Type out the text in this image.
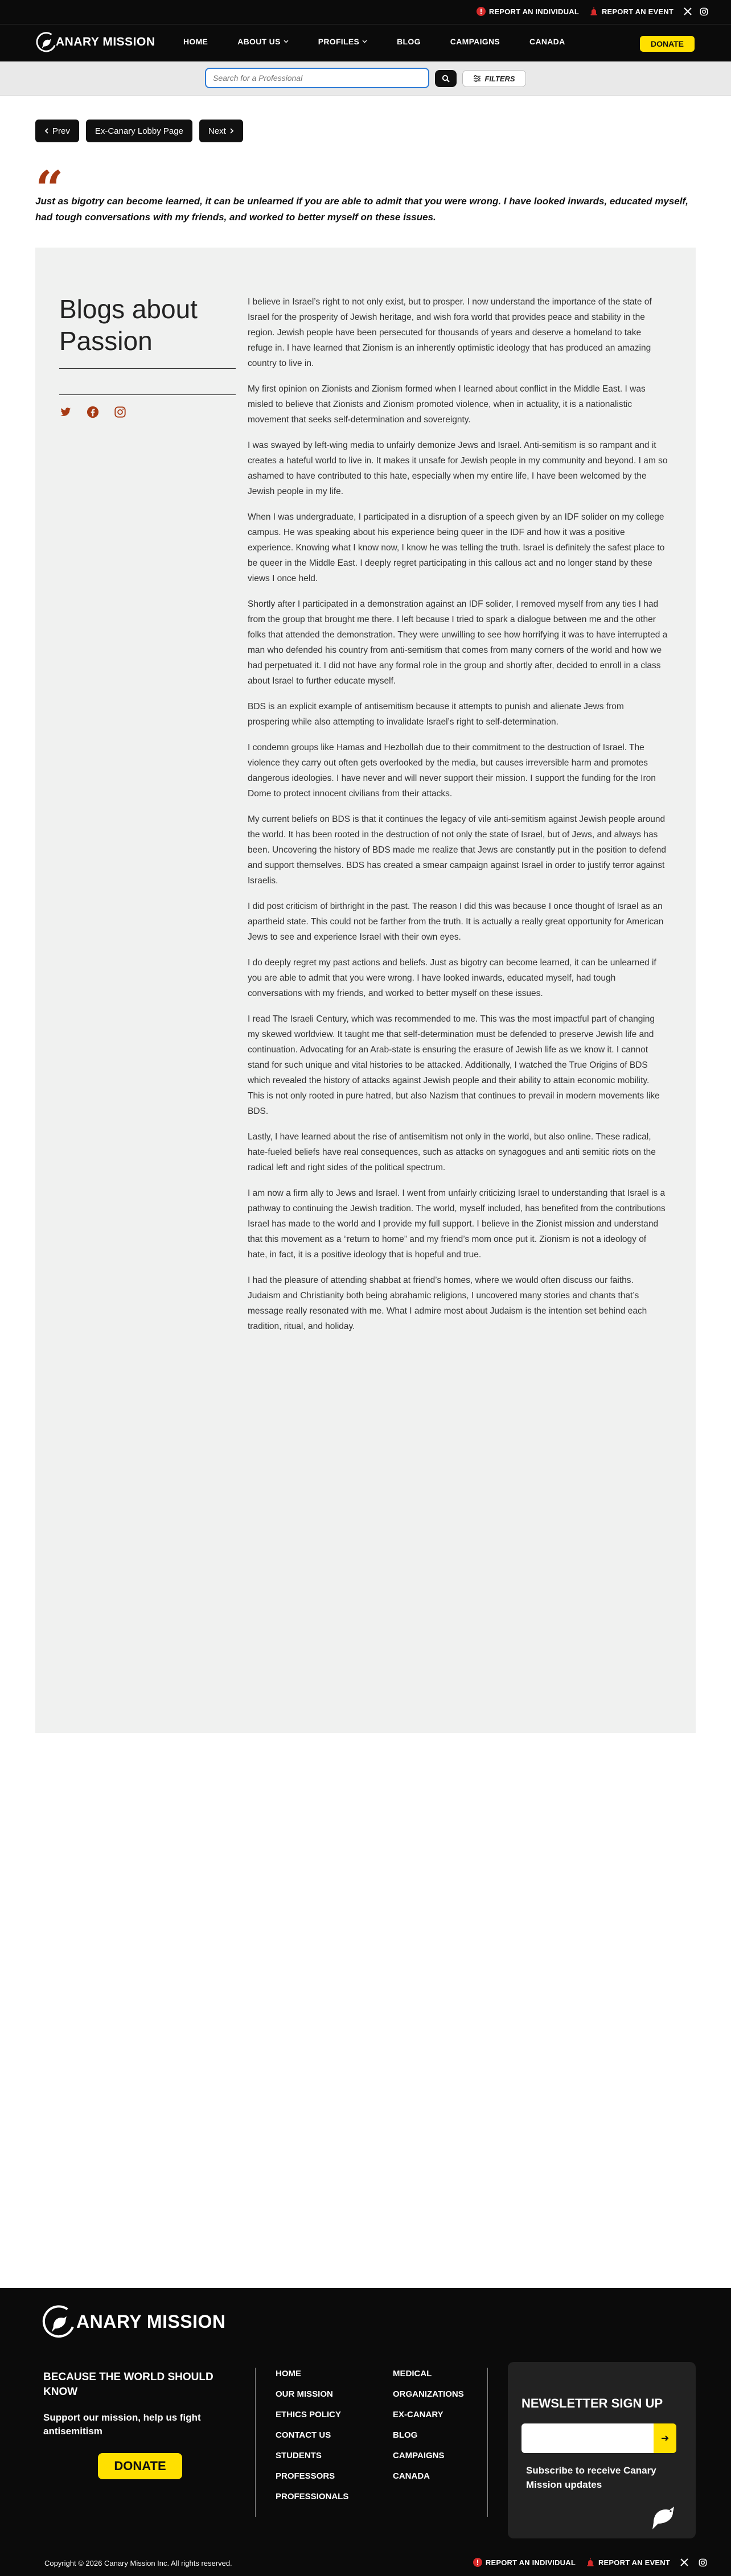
REPORT AN INDIVIDUAL	REPORT AN EVENT
ANARY MISSION	HOME	ABOUT US	PROFILES	BLOG	CAMPAIGNS	CANADA	DONATE
Search for a Professional
FILTERS
Prev	Ex-Canary Lobby Page	Next
“

Just as bigotry can become learned, it can be unlearned if you are able to admit that you were wrong. I have looked inwards, educated myself, had tough conversations with my friends, and worked to better myself on these issues.

Blogs about Passion

I believe in Israel’s right to not only exist, but to prosper. I now understand the importance of the state of Israel for the prosperity of Jewish heritage, and wish fora world that provides peace and stability in the region. Jewish people have been persecuted for thousands of years and deserve a homeland to take refuge in. I have learned that Zionism is an inherently optimistic ideology that has produced an amazing country to live in.

My first opinion on Zionists and Zionism formed when I learned about conflict in the Middle East. I was misled to believe that Zionists and Zionism promoted violence, when in actuality, it is a nationalistic movement that seeks self-determination and sovereignty.

I was swayed by left-wing media to unfairly demonize Jews and Israel. Anti-semitism is so rampant and it creates a hateful world to live in. It makes it unsafe for Jewish people in my community and beyond. I am so ashamed to have contributed to this hate, especially when my entire life, I have been welcomed by the Jewish people in my life.

When I was undergraduate, I participated in a disruption of a speech given by an IDF solider on my college campus. He was speaking about his experience being queer in the IDF and how it was a positive experience. Knowing what I know now, I know he was telling the truth. Israel is definitely the safest place to be queer in the Middle East. I deeply regret participating in this callous act and no longer stand by these views I once held.

Shortly after I participated in a demonstration against an IDF solider, I removed myself from any ties I had from the group that brought me there. I left because I tried to spark a dialogue between me and the other folks that attended the demonstration. They were unwilling to see how horrifying it was to have interrupted a man who defended his country from anti-semitism that comes from many corners of the world and how we had perpetuated it. I did not have any formal role in the group and shortly after, decided to enroll in a class about Israel to further educate myself.

BDS is an explicit example of antisemitism because it attempts to punish and alienate Jews from prospering while also attempting to invalidate Israel’s right to self-determination.

I condemn groups like Hamas and Hezbollah due to their commitment to the destruction of Israel. The violence they carry out often gets overlooked by the media, but causes irreversible harm and promotes dangerous ideologies. I have never and will never support their mission. I support the funding for the Iron Dome to protect innocent civilians from their attacks.

My current beliefs on BDS is that it continues the legacy of vile anti-semitism against Jewish people around the world. It has been rooted in the destruction of not only the state of Israel, but of Jews, and always has been. Uncovering the history of BDS made me realize that Jews are constantly put in the position to defend and support themselves. BDS has created a smear campaign against Israel in order to justify terror against Israelis.

I did post criticism of birthright in the past. The reason I did this was because I once thought of Israel as an apartheid state. This could not be farther from the truth. It is actually a really great opportunity for American Jews to see and experience Israel with their own eyes.

I do deeply regret my past actions and beliefs. Just as bigotry can become learned, it can be unlearned if you are able to admit that you were wrong. I have looked inwards, educated myself, had tough conversations with my friends, and worked to better myself on these issues.

I read The Israeli Century, which was recommended to me. This was the most impactful part of changing my skewed worldview. It taught me that self-determination must be defended to preserve Jewish life and continuation. Advocating for an Arab-state is ensuring the erasure of Jewish life as we know it. I cannot stand for such unique and vital histories to be attacked. Additionally, I watched the True Origins of BDS which revealed the history of attacks against Jewish people and their ability to attain economic mobility. This is not only rooted in pure hatred, but also Nazism that continues to prevail in modern movements like BDS.

Lastly, I have learned about the rise of antisemitism not only in the world, but also online. These radical, hate-fueled beliefs have real consequences, such as attacks on synagogues and anti semitic riots on the radical left and right sides of the political spectrum.

I am now a firm ally to Jews and Israel. I went from unfairly criticizing Israel to understanding that Israel is a pathway to continuing the Jewish tradition. The world, myself included, has benefited from the contributions Israel has made to the world and I provide my full support. I believe in the Zionist mission and understand that this movement as a “return to home” and my friend’s mom once put it. Zionism is not a ideology of hate, in fact, it is a positive ideology that is hopeful and true.

I had the pleasure of attending shabbat at friend’s homes, where we would often discuss our faiths. Judaism and Christianity both being abrahamic religions, I uncovered many stories and chants that’s message really resonated with me. What I admire most about Judaism is the intention set behind each tradition, ritual, and holiday.

ANARY MISSION
BECAUSE THE WORLD SHOULD KNOW
Support our mission, help us fight antisemitism
DONATE
HOME
OUR MISSION
ETHICS POLICY
CONTACT US
STUDENTS
PROFESSORS
PROFESSIONALS
MEDICAL
ORGANIZATIONS
EX-CANARY
BLOG
CAMPAIGNS
CANADA
NEWSLETTER SIGN UP
Subscribe to receive Canary Mission updates
Copyright © 2026 Canary Mission Inc. All rights reserved.	REPORT AN INDIVIDUAL	REPORT AN EVENT
